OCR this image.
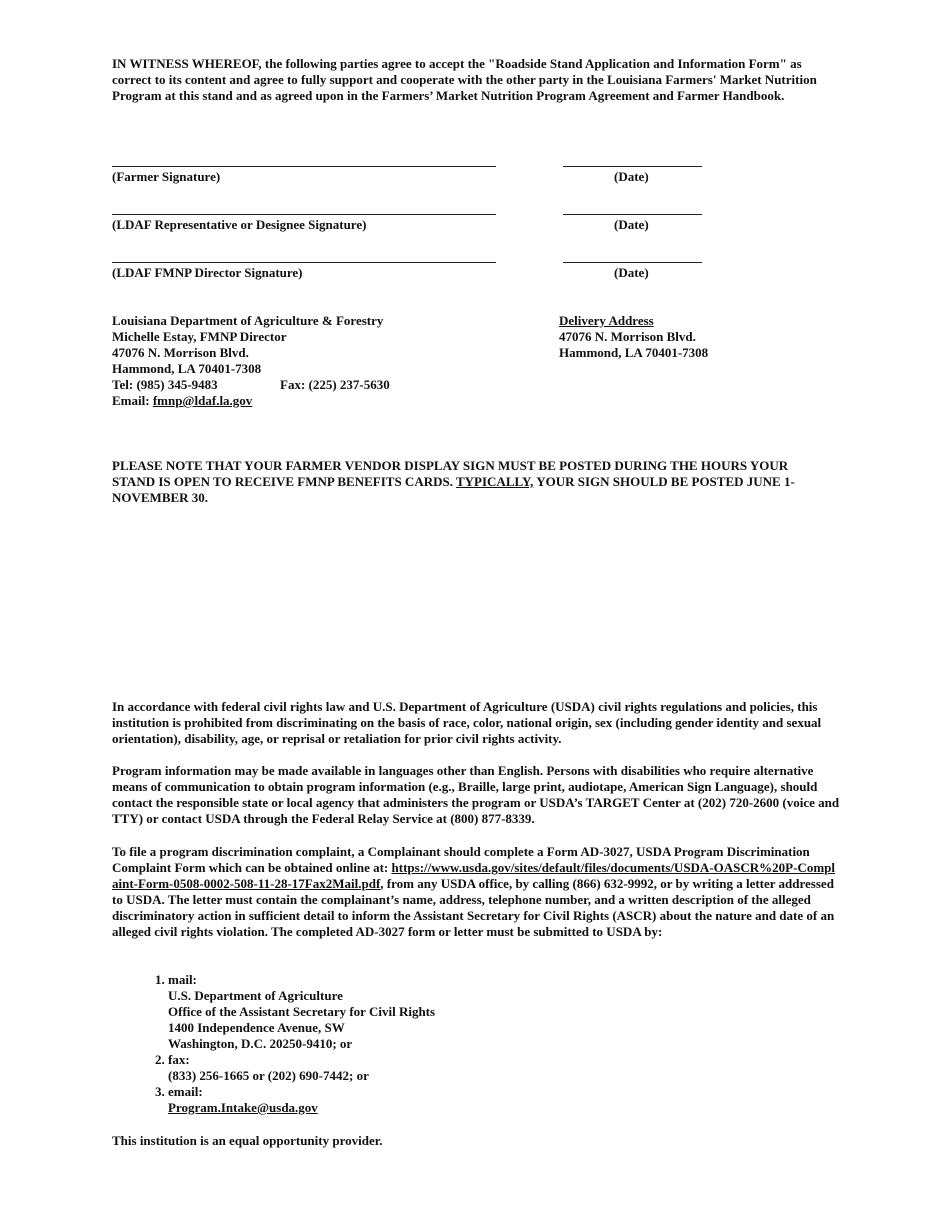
IN WITNESS WHEREOF, the following parties agree to accept the "Roadside Stand Application and Information Form" as correct to its content and agree to fully support and cooperate with the other party in the Louisiana Farmers' Market Nutrition Program at this stand and as agreed upon in the Farmers’ Market Nutrition Program Agreement and Farmer Handbook.

(Farmer Signature)	(Date)
(LDAF Representative or Designee Signature)	(Date)
(LDAF FMNP Director Signature)	(Date)
Louisiana Department of Agriculture & Forestry
Michelle Estay, FMNP Director
47076 N. Morrison Blvd.
Hammond, LA 70401-7308
Tel: (985) 345-9483	Fax: (225) 237-5630
Email: fmnp@ldaf.la.gov
Delivery Address
47076 N. Morrison Blvd.
Hammond, LA 70401-7308

PLEASE NOTE THAT YOUR FARMER VENDOR DISPLAY SIGN MUST BE POSTED DURING THE HOURS YOUR STAND IS OPEN TO RECEIVE FMNP BENEFITS CARDS. TYPICALLY, YOUR SIGN SHOULD BE POSTED JUNE 1-NOVEMBER 30.

In accordance with federal civil rights law and U.S. Department of Agriculture (USDA) civil rights regulations and policies, this institution is prohibited from discriminating on the basis of race, color, national origin, sex (including gender identity and sexual orientation), disability, age, or reprisal or retaliation for prior civil rights activity.

Program information may be made available in languages other than English. Persons with disabilities who require alternative means of communication to obtain program information (e.g., Braille, large print, audiotape, American Sign Language), should contact the responsible state or local agency that administers the program or USDA’s TARGET Center at (202) 720-2600 (voice and TTY) or contact USDA through the Federal Relay Service at (800) 877-8339.

To file a program discrimination complaint, a Complainant should complete a Form AD-3027, USDA Program Discrimination Complaint Form which can be obtained online at: https://www.usda.gov/sites/default/files/documents/USDA-OASCR%20P-Complaint-Form-0508-0002-508-11-28-17Fax2Mail.pdf, from any USDA office, by calling (866) 632-9992, or by writing a letter addressed to USDA. The letter must contain the complainant’s name, address, telephone number, and a written description of the alleged discriminatory action in sufficient detail to inform the Assistant Secretary for Civil Rights (ASCR) about the nature and date of an alleged civil rights violation. The completed AD-3027 form or letter must be submitted to USDA by:

1. mail:
U.S. Department of Agriculture
Office of the Assistant Secretary for Civil Rights
1400 Independence Avenue, SW
Washington, D.C. 20250-9410; or
2. fax:
(833) 256-1665 or (202) 690-7442; or
3. email:
Program.Intake@usda.gov
This institution is an equal opportunity provider.
